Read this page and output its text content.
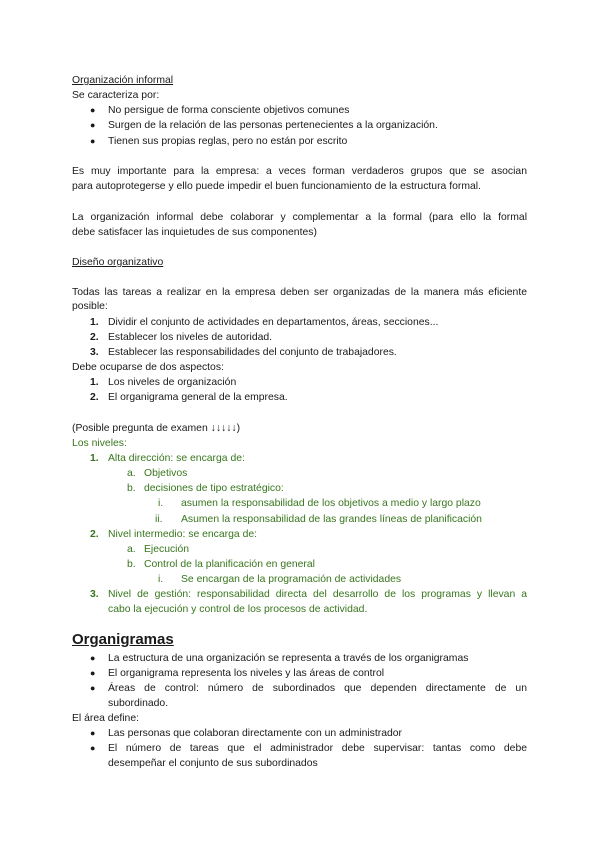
Organización informal
Se caracteriza por:
● No persigue de forma consciente objetivos comunes
● Surgen de la relación de las personas pertenecientes a la organización.
● Tienen sus propias reglas, pero no están por escrito
Es muy importante para la empresa: a veces forman verdaderos grupos que se asocian
para autoprotegerse y ello puede impedir el buen funcionamiento de la estructura formal.
La organización informal debe colaborar y complementar a la formal (para ello la formal
debe satisfacer las inquietudes de sus componentes)
Diseño organizativo
Todas las tareas a realizar en la empresa deben ser organizadas de la manera más eficiente
posible:
1. Dividir el conjunto de actividades en departamentos, áreas, secciones...
2. Establecer los niveles de autoridad.
3. Establecer las responsabilidades del conjunto de trabajadores.
Debe ocuparse de dos aspectos:
1. Los niveles de organización
2. El organigrama general de la empresa.
(Posible pregunta de examen ↓↓↓↓↓)
Los niveles:
1. Alta dirección: se encarga de:
a. Objetivos
b. decisiones de tipo estratégico:
i. asumen la responsabilidad de los objetivos a medio y largo plazo
ii. Asumen la responsabilidad de las grandes líneas de planificación
2. Nivel intermedio: se encarga de:
a. Ejecución
b. Control de la planificación en general
i. Se encargan de la programación de actividades
3. Nivel de gestión: responsabilidad directa del desarrollo de los programas y llevan a
cabo la ejecución y control de los procesos de actividad.
Organigramas
● La estructura de una organización se representa a través de los organigramas
● El organigrama representa los niveles y las áreas de control
● Áreas de control: número de subordinados que dependen directamente de un
subordinado.
El área define:
● Las personas que colaboran directamente con un administrador
● El número de tareas que el administrador debe supervisar: tantas como debe
desempeñar el conjunto de sus subordinados
